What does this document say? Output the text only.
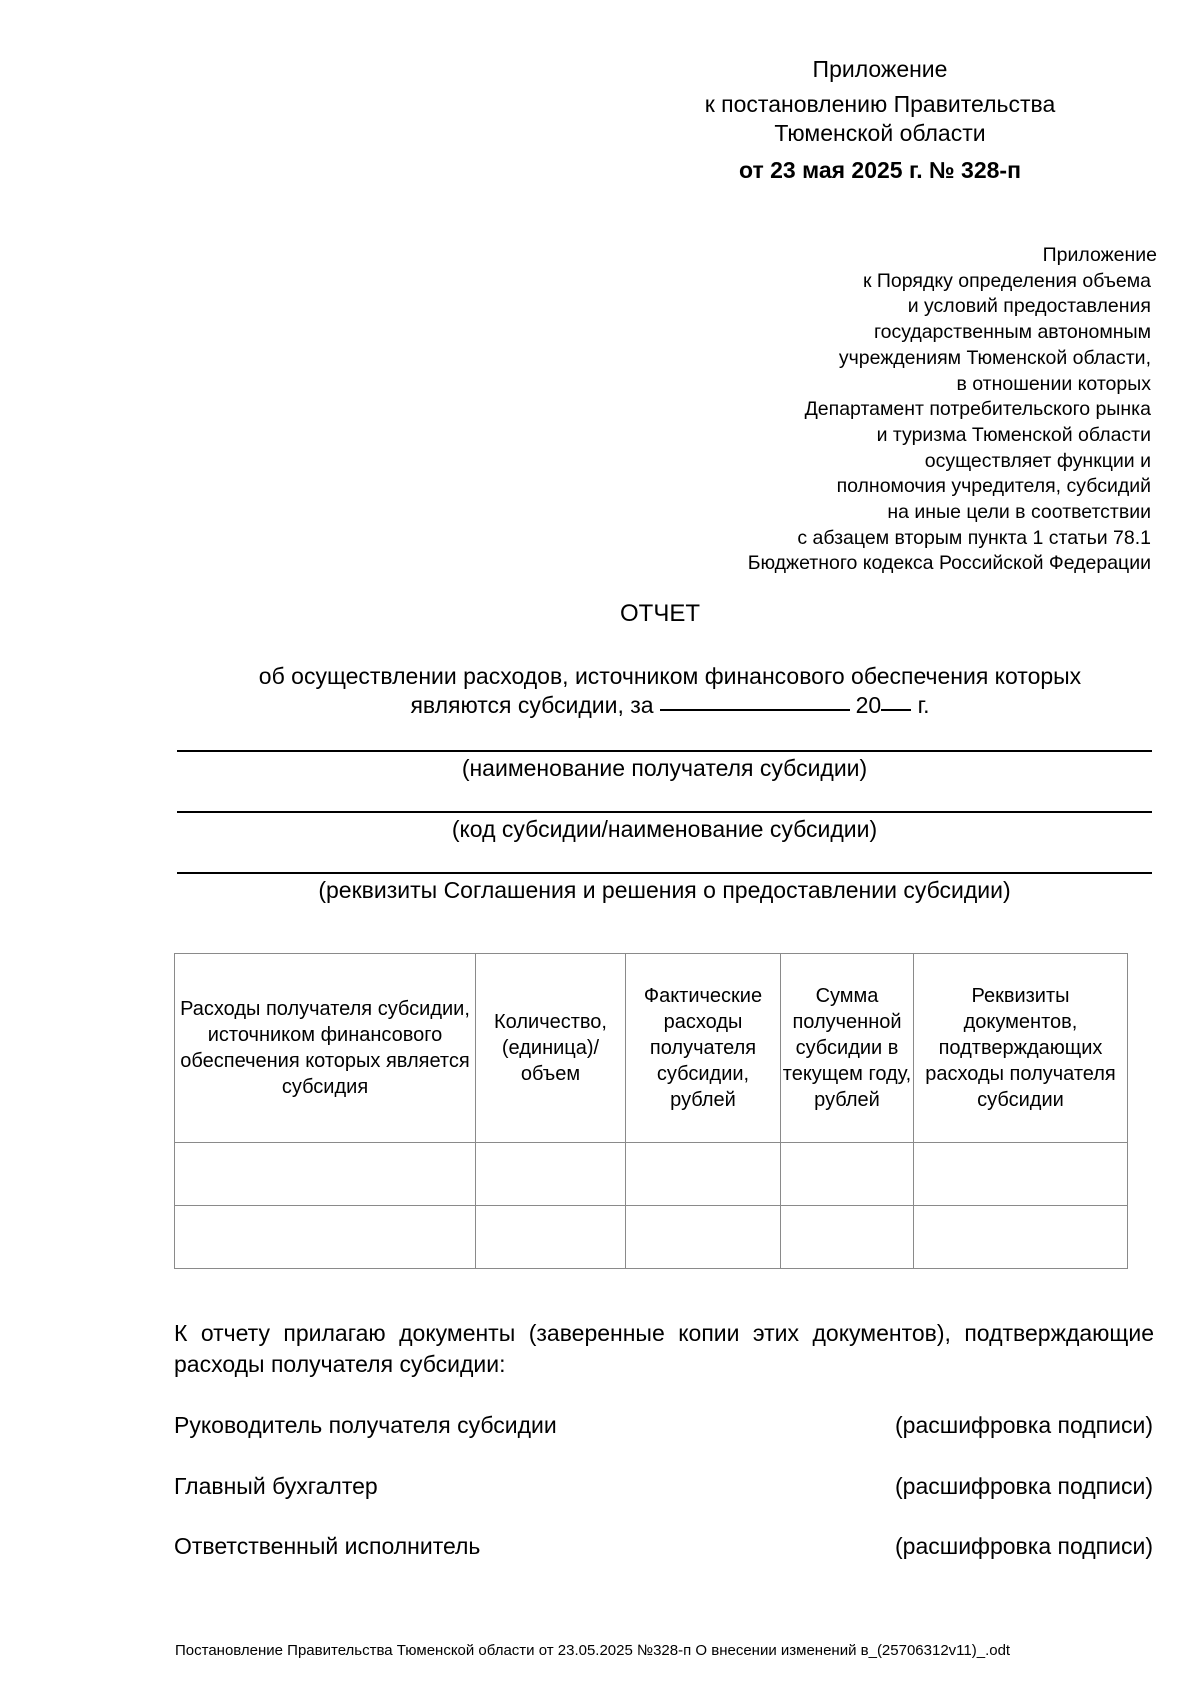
Приложение
к постановлению Правительства
Тюменской области
от 23 мая 2025 г. № 328-п
Приложение
к Порядку определения объема
и условий предоставления
государственным автономным
учреждениям Тюменской области,
в отношении которых
Департамент потребительского рынка
и туризма Тюменской области
осуществляет функции и
полномочия учредителя, субсидий
на иные цели в соответствии
с абзацем вторым пункта 1 статьи 78.1
Бюджетного кодекса Российской Федерации
ОТЧЕТ
об осуществлении расходов, источником финансового обеспечения которых
являются субсидии, за	20 г.
(наименование получателя субсидии)
(код субсидии/наименование субсидии)
(реквизиты Соглашения и решения о предоставлении субсидии)
Расходы получателя субсидии, источником финансового обеспечения которых является субсидия	Количество, (единица)/ объем	Фактические расходы получателя субсидии, рублей	Сумма полученной субсидии в текущем году, рублей	Реквизиты документов, подтверждающих расходы получателя субсидии

К отчету прилагаю документы (заверенные копии этих документов), подтверждающие расходы получателя субсидии:
Руководитель получателя субсидии	(расшифровка подписи)
Главный бухгалтер	(расшифровка подписи)
Ответственный исполнитель	(расшифровка подписи)
Постановление Правительства Тюменской области от 23.05.2025 №328-п О внесении изменений в_(25706312v11)_.odt
